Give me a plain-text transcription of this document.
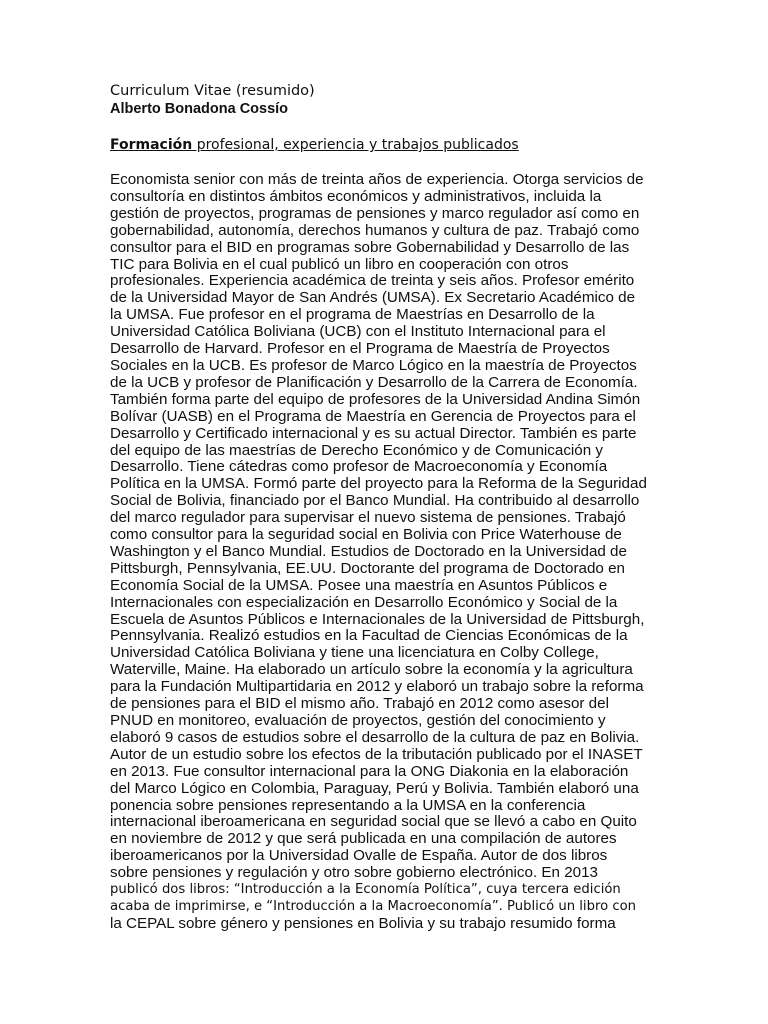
Curriculum Vitae (resumido)

Alberto Bonadona Cossío

Formación profesional, experiencia y trabajos publicados

Economista senior con más de treinta años de experiencia. Otorga servicios de
consultoría en distintos ámbitos económicos y administrativos, incluida la
gestión de proyectos, programas de pensiones y marco regulador así como en
gobernabilidad, autonomía, derechos humanos y cultura de paz. Trabajó como
consultor para el BID en programas sobre Gobernabilidad y Desarrollo de las
TIC para Bolivia en el cual publicó un libro en cooperación con otros
profesionales. Experiencia académica de treinta y seis años. Profesor emérito
de la Universidad Mayor de San Andrés (UMSA). Ex Secretario Académico de
la UMSA. Fue profesor en el programa de Maestrías en Desarrollo de la
Universidad Católica Boliviana (UCB) con el Instituto Internacional para el
Desarrollo de Harvard. Profesor en el Programa de Maestría de Proyectos
Sociales en la UCB. Es profesor de Marco Lógico en la maestría de Proyectos
de la UCB y profesor de Planificación y Desarrollo de la Carrera de Economía.
También forma parte del equipo de profesores de la Universidad Andina Simón
Bolívar (UASB) en el Programa de Maestría en Gerencia de Proyectos para el
Desarrollo y Certificado internacional y es su actual Director. También es parte
del equipo de las maestrías de Derecho Económico y de Comunicación y
Desarrollo. Tiene cátedras como profesor de Macroeconomía y Economía
Política en la UMSA. Formó parte del proyecto para la Reforma de la Seguridad
Social de Bolivia, financiado por el Banco Mundial. Ha contribuido al desarrollo
del marco regulador para supervisar el nuevo sistema de pensiones. Trabajó
como consultor para la seguridad social en Bolivia con Price Waterhouse de
Washington y el Banco Mundial. Estudios de Doctorado en la Universidad de
Pittsburgh, Pennsylvania, EE.UU. Doctorante del programa de Doctorado en
Economía Social de la UMSA. Posee una maestría en Asuntos Públicos e
Internacionales con especialización en Desarrollo Económico y Social de la
Escuela de Asuntos Públicos e Internacionales de la Universidad de Pittsburgh,
Pennsylvania. Realizó estudios en la Facultad de Ciencias Económicas de la
Universidad Católica Boliviana y tiene una licenciatura en Colby College,
Waterville, Maine. Ha elaborado un artículo sobre la economía y la agricultura
para la Fundación Multipartidaria en 2012 y elaboró un trabajo sobre la reforma
de pensiones para el BID el mismo año. Trabajó en 2012 como asesor del
PNUD en monitoreo, evaluación de proyectos, gestión del conocimiento y
elaboró 9 casos de estudios sobre el desarrollo de la cultura de paz en Bolivia.
Autor de un estudio sobre los efectos de la tributación publicado por el INASET
en 2013. Fue consultor internacional para la ONG Diakonia en la elaboración
del Marco Lógico en Colombia, Paraguay, Perú y Bolivia. También elaboró una
ponencia sobre pensiones representando a la UMSA en la conferencia
internacional iberoamericana en seguridad social que se llevó a cabo en Quito
en noviembre de 2012 y que será publicada en una compilación de autores
iberoamericanos por la Universidad Ovalle de España. Autor de dos libros
sobre pensiones y regulación y otro sobre gobierno electrónico. En 2013
publicó dos libros: “Introducción a la Economía Política”, cuya tercera edición
acaba de imprimirse, e “Introducción a la Macroeconomía”. Publicó un libro con
la CEPAL sobre género y pensiones en Bolivia y su trabajo resumido forma
